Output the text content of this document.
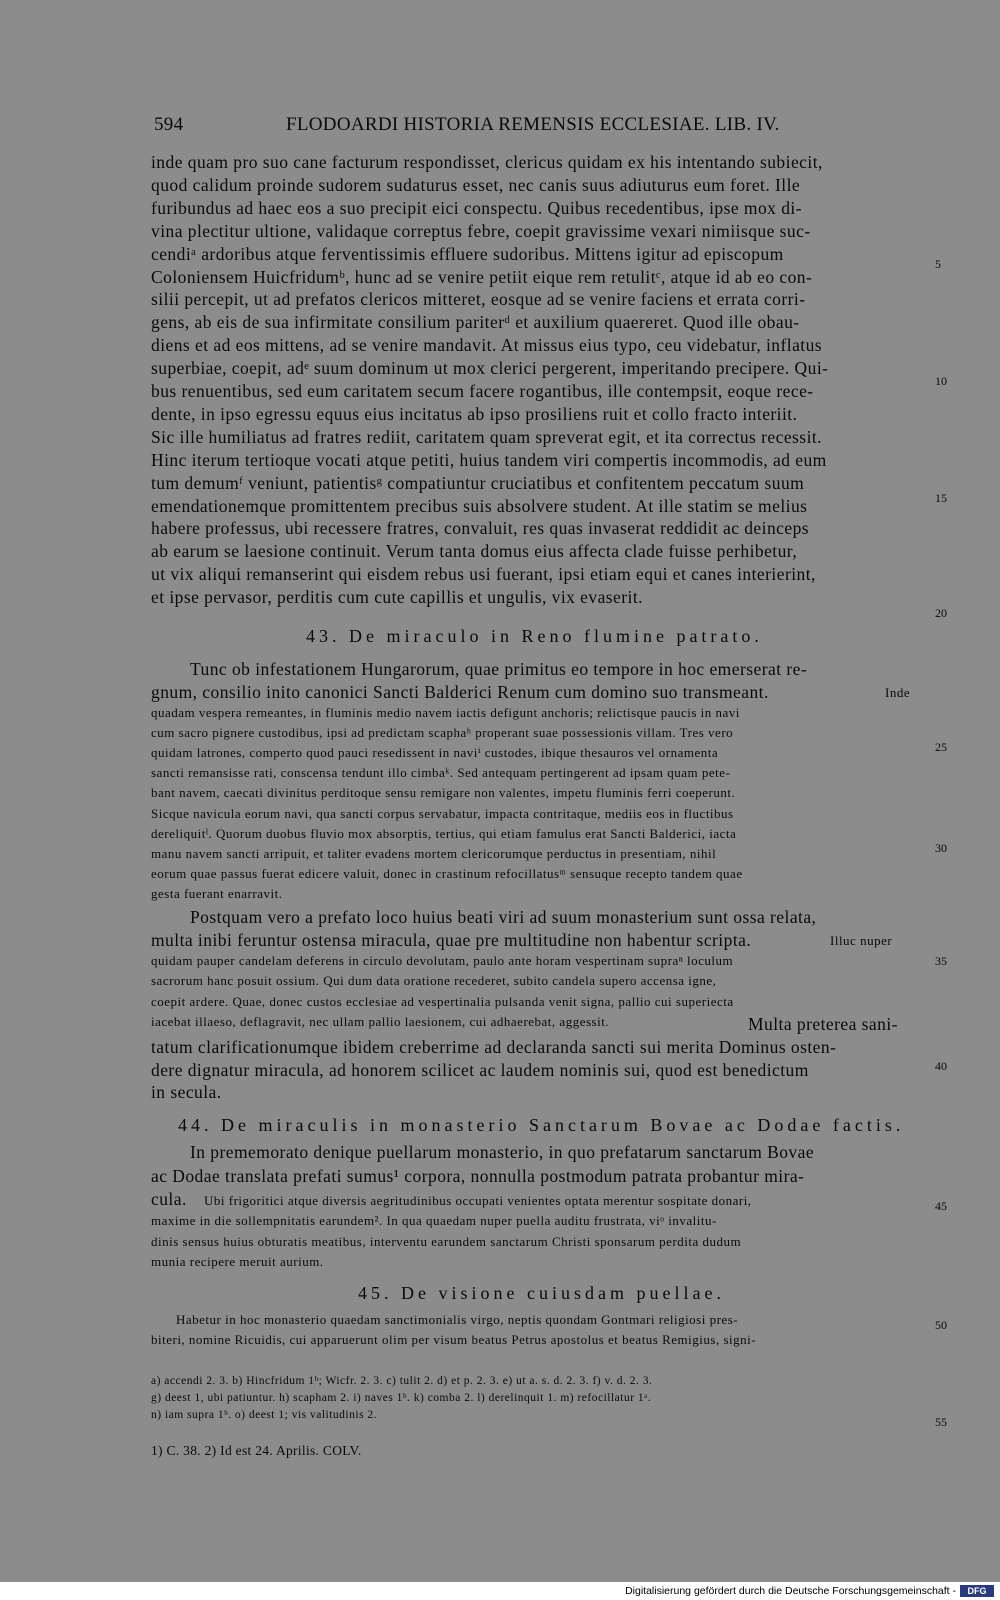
594	FLODOARDI HISTORIA REMENSIS ECCLESIAE. LIB. IV.
Digitalisierung gefördert durch die Deutsche Forschungsgemeinschaft -	DFG
inde quam pro suo cane facturum respondisset, clericus quidam ex his intentando subiecit,
quod calidum proinde sudorem sudaturus esset, nec canis suus adiuturus eum foret. Ille
furibundus ad haec eos a suo precipit eici conspectu. Quibus recedentibus, ipse mox di-
vina plectitur ultione, validaque correptus febre, coepit gravissime vexari nimiisque suc-
cendiᵃ ardoribus atque ferventissimis effluere sudoribus. Mittens igitur ad episcopum
Coloniensem Huicfridumᵇ, hunc ad se venire petiit eique rem retulitᶜ, atque id ab eo con-
silii percepit, ut ad prefatos clericos mitteret, eosque ad se venire faciens et errata corri-
gens, ab eis de sua infirmitate consilium pariterᵈ et auxilium quaereret. Quod ille obau-
diens et ad eos mittens, ad se venire mandavit. At missus eius typo, ceu videbatur, inflatus
superbiae, coepit, adᵉ suum dominum ut mox clerici pergerent, imperitando precipere. Qui-
bus renuentibus, sed eum caritatem secum facere rogantibus, ille contempsit, eoque rece-
dente, in ipso egressu equus eius incitatus ab ipso prosiliens ruit et collo fracto interiit.
Sic ille humiliatus ad fratres rediit, caritatem quam spreverat egit, et ita correctus recessit.
Hinc iterum tertioque vocati atque petiti, huius tandem viri compertis incommodis, ad eum
tum demumᶠ veniunt, patientisᵍ compatiuntur cruciatibus et confitentem peccatum suum
emendationemque promittentem precibus suis absolvere student. At ille statim se melius
habere professus, ubi recessere fratres, convaluit, res quas invaserat reddidit ac deinceps
ab earum se laesione continuit. Verum tanta domus eius affecta clade fuisse perhibetur,
ut vix aliqui remanserint qui eisdem rebus usi fuerant, ipsi etiam equi et canes interierint,
et ipse pervasor, perditis cum cute capillis et ungulis, vix evaserit.
43. De miraculo in Reno flumine patrato.
Tunc ob infestationem Hungarorum, quae primitus eo tempore in hoc emerserat re-
gnum, consilio inito canonici Sancti Balderici Renum cum domino suo transmeant.	Inde
quadam vespera remeantes, in fluminis medio navem iactis defigunt anchoris; relictisque paucis in navi
cum sacro pignere custodibus, ipsi ad predictam scaphaʰ properant suae possessionis villam. Tres vero
quidam latrones, comperto quod pauci resedissent in naviⁱ custodes, ibique thesauros vel ornamenta
sancti remansisse rati, conscensa tendunt illo cimbaᵏ. Sed antequam pertingerent ad ipsam quam pete-
bant navem, caecati divinitus perditoque sensu remigare non valentes, impetu fluminis ferri coeperunt.
Sicque navicula eorum navi, qua sancti corpus servabatur, impacta contritaque, mediis eos in fluctibus
dereliquitˡ. Quorum duobus fluvio mox absorptis, tertius, qui etiam famulus erat Sancti Balderici, iacta
manu navem sancti arripuit, et taliter evadens mortem clericorumque perductus in presentiam, nihil
eorum quae passus fuerat edicere valuit, donec in crastinum refocillatusᵐ sensuque recepto tandem quae
gesta fuerant enarravit.
Postquam vero a prefato loco huius beati viri ad suum monasterium sunt ossa relata,
multa inibi feruntur ostensa miracula, quae pre multitudine non habentur scripta.	Illuc nuper
quidam pauper candelam deferens in circulo devolutam, paulo ante horam vespertinam supraⁿ loculum
sacrorum hanc posuit ossium. Qui dum data oratione recederet, subito candela supero accensa igne,
coepit ardere. Quae, donec custos ecclesiae ad vespertinalia pulsanda venit signa, pallio cui superiecta
iacebat illaeso, deflagravit, nec ullam pallio laesionem, cui adhaerebat, aggessit.	Multa preterea sani-
tatum clarificationumque ibidem creberrime ad declaranda sancti sui merita Dominus osten-
dere dignatur miracula, ad honorem scilicet ac laudem nominis sui, quod est benedictum
in secula.
44. De miraculis in monasterio Sanctarum Bovae ac Dodae factis.
In prememorato denique puellarum monasterio, in quo prefatarum sanctarum Bovae
ac Dodae translata prefati sumus¹ corpora, nonnulla postmodum patrata probantur mira-
cula. Ubi frigoritici atque diversis aegritudinibus occupati venientes optata merentur sospitate donari,
maxime in die sollempnitatis earundem². In qua quaedam nuper puella auditu frustrata, viᵒ invalitu-
dinis sensus huius obturatis meatibus, interventu earundem sanctarum Christi sponsarum perdita dudum
munia recipere meruit aurium.
45. De visione cuiusdam puellae.
Habetur in hoc monasterio quaedam sanctimonialis virgo, neptis quondam Gontmari religiosi pres-
biteri, nomine Ricuidis, cui apparuerunt olim per visum beatus Petrus apostolus et beatus Remigius, signi-
a) accendi 2. 3. b) Hincfridum 1ᵇ; Wicfr. 2. 3. c) tulit 2. d) et p. 2. 3. e) ut a. s. d. 2. 3. f) v. d. 2. 3.
g) deest 1, ubi patiuntur. h) scapham 2. i) naves 1ᵇ. k) comba 2. l) derelinquit 1. m) refocillatur 1ᵃ.
n) iam supra 1ᵇ. o) deest 1; vis valitudinis 2.
1) C. 38. 2) Id est 24. Aprilis. COLV.
5
10
15
20
25
30
35
40
45
50
55
